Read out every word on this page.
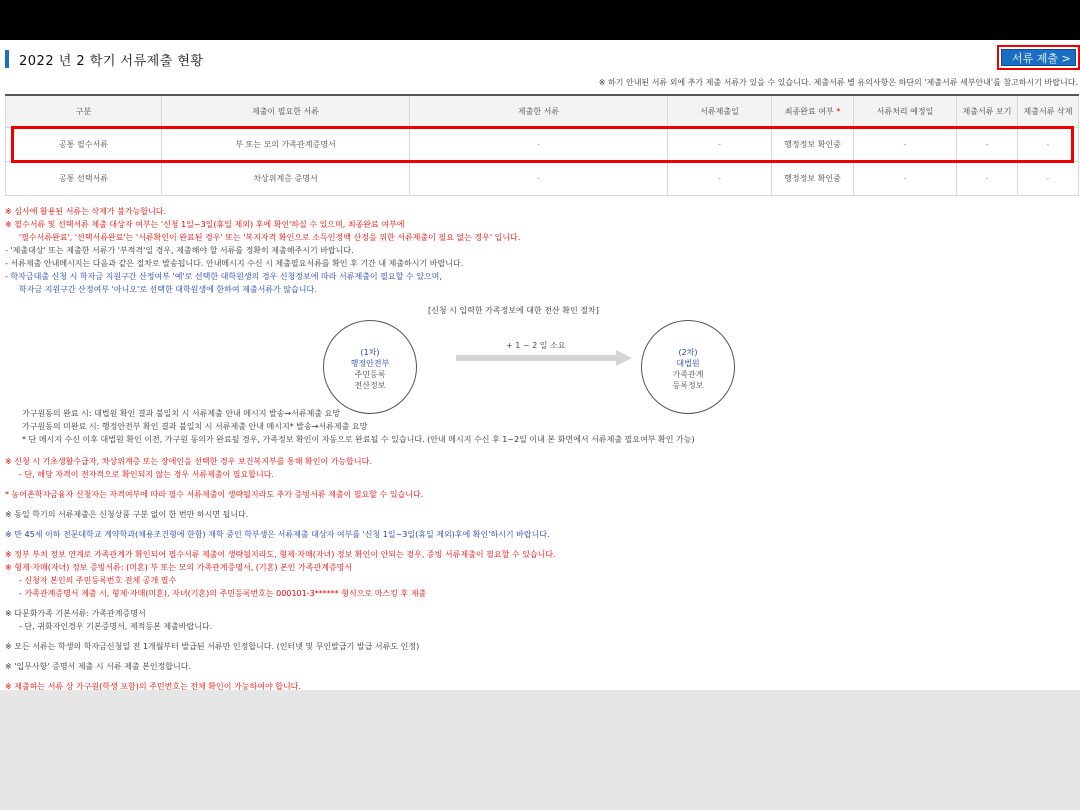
2022 년 2 학기 서류제출 현황	서류 제출 >
※ 하기 안내된 서류 외에 추가 제출 서류가 있을 수 있습니다. 제출서류 별 유의사항은 하단의 '제출서류 세부안내'를 참고하시기 바랍니다.
구분	제출이 필요한 서류	제출한 서류	서류제출일	최종완료 여부 *	서류처리 예정일	제출서류 보기	제출서류 삭제
공통 필수서류	부 또는 모의 가족관계증명서	-	-	행정정보 확인중	-	-	-
공통 선택서류	차상위계층 증명서	-	-	행정정보 확인중	-	-	-
※ 심사에 활용된 서류는 삭제가 불가능합니다.
※ 필수서류 및 선택서류 제출 대상자 여부는 '신청 1일~3일(휴일 제외) 후에 확인'하실 수 있으며, 최종완료 여부에
'필수서류완료', '선택서류완료'는 '서류확인이 완료된 경우' 또는 '복지자격 확인으로 소득인정액 산정을 위한 서류제출이 필요 없는 경우' 입니다.
- '제출대상' 또는 제출한 서류가 '부적격'일 경우, 제출해야 할 서류를 정확히 제출해주시기 바랍니다.
- 서류제출 안내메시지는 다음과 같은 절차로 발송됩니다. 안내메시지 수신 시 제출필요서류를 확인 후 기간 내 제출하시기 바랍니다.
- 학자금대출 신청 시 학자금 지원구간 산정여부 '예'로 선택한 대학원생의 경우 신청정보에 따라 서류제출이 필요할 수 있으며,
학자금 지원구간 산정여부 '아니오'로 선택한 대학원생에 한하여 제출서류가 않습니다.
[신청 시 입력한 가족정보에 대한 전산 확인 절차]
(1차)
행정안전부
주민등록
전산정보
+ 1 ~ 2 일 소요
(2차)
대법원
가족관계
등록정보
가구원동의 완료 시: 대법원 확인 결과 불일치 시 서류제출 안내 메시지 발송→서류제출 요망
가구원동의 미완료 시: 행정안전부 확인 결과 불일치 시 서류제출 안내 메시지* 발송→서류제출 요망
* 단 메시지 수신 이후 대법원 확인 이전, 가구원 동의가 완료될 경우, 가족정보 확인이 자동으로 완료될 수 있습니다. (안내 메시지 수신 후 1~2일 이내 본 화면에서 서류제출 필요여부 확인 가능)
※ 신청 시 기초생활수급자, 차상위계층 또는 장애인을 선택한 경우 보건복지부를 통해 확인이 가능합니다.
- 단, 해당 자격이 전자적으로 확인되지 않는 경우 서류제출이 필요합니다.
* 농어촌학자금융자 신청자는 자격여부에 따라 필수 서류제출이 생략될지라도 추가 증빙서류 제출이 필요할 수 있습니다.
※ 동일 학기의 서류제출은 신청상품 구분 없이 한 번만 하시면 됩니다.
※ 만 45세 이하 전문대학교 계약학과(채용조건형에 한함) 재학 중인 학부생은 서류제출 대상자 여부를 '신청 1일~3일(휴일 제외)후에 확인'하시기 바랍니다.
※ 정부 부처 정보 연계로 가족관계가 확인되어 필수서류 제출이 생략될지라도, 형제·자매(자녀) 정보 확인이 안되는 경우, 증빙 서류제출이 필요할 수 있습니다.
※ 형제·자매(자녀) 정보 증빙서류: (미혼) 부 또는 모의 가족관계증명서, (기혼) 본인 가족관계증명서
- 신청자 본인의 주민등록번호 전체 공개 필수
- 가족관계증명서 제출 시, 형제·자매(미혼), 자녀(기혼)의 주민등록번호는 000101-3****** 형식으로 마스킹 후 제출
※ 다문화가족 기본서류: 가족관계증명서
- 단, 귀화자인경우 기본증명서, 제적등본 제출바랍니다.
※ 모든 서류는 학생의 학자금신청일 전 1개월부터 발급된 서류만 인정합니다. (인터넷 및 무인발급기 발급 서류도 인정)
※ '입무사항' 증명서 제출 시 서류 제출 본인정합니다.
※ 제출하는 서류 상 가구원(학생 포함)의 주민번호는 전체 확인이 가능하여야 합니다.
